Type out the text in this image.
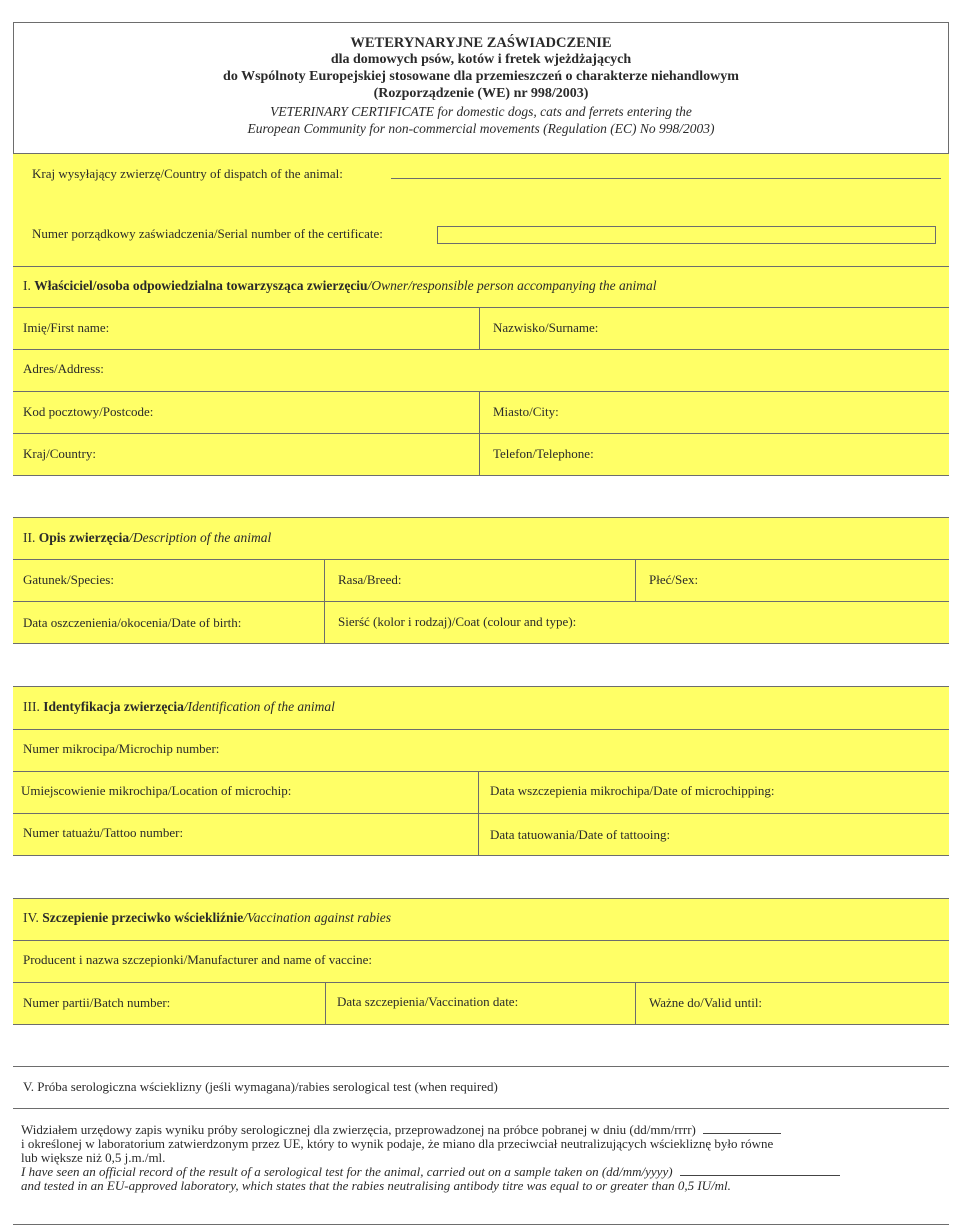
WETERYNARYJNE ZAŚWIADCZENIE
dla domowych psów, kotów i fretek wjeżdżających
do Wspólnoty Europejskiej stosowane dla przemieszczeń o charakterze niehandlowym
(Rozporządzenie (WE) nr 998/2003)
VETERINARY CERTIFICATE for domestic dogs, cats and ferrets entering the
European Community for non-commercial movements (Regulation (EC) No 998/2003)
Kraj wysyłający zwierzę/Country of dispatch of the animal:
Numer porządkowy zaświadczenia/Serial number of the certificate:
I. Właściciel/osoba odpowiedzialna towarzysząca zwierzęciu/Owner/responsible person accompanying the animal
Imię/First name:	Nazwisko/Surname:
Adres/Address:
Kod pocztowy/Postcode:	Miasto/City:
Kraj/Country:	Telefon/Telephone:
II. Opis zwierzęcia/Description of the animal
Gatunek/Species:	Rasa/Breed:	Płeć/Sex:
Data oszczenienia/okocenia/Date of birth:	Sierść (kolor i rodzaj)/Coat (colour and type):
III. Identyfikacja zwierzęcia/Identification of the animal
Numer mikrocipa/Microchip number:
Umiejscowienie mikrochipa/Location of microchip:	Data wszczepienia mikrochipa/Date of microchipping:
Numer tatuażu/Tattoo number:	Data tatuowania/Date of tattooing:
IV. Szczepienie przeciwko wściekliźnie/Vaccination against rabies
Producent i nazwa szczepionki/Manufacturer and name of vaccine:
Numer partii/Batch number:	Data szczepienia/Vaccination date:	Ważne do/Valid until:
V. Próba serologiczna wścieklizny (jeśli wymagana)/rabies serological test (when required)
Widziałem urzędowy zapis wyniku próby serologicznej dla zwierzęcia, przeprowadzonej na próbce pobranej w dniu (dd/mm/rrrr)
i określonej w laboratorium zatwierdzonym przez UE, który to wynik podaje, że miano dla przeciwciał neutralizujących wściekliznę było równe
lub większe niż 0,5 j.m./ml.
I have seen an official record of the result of a serological test for the animal, carried out on a sample taken on (dd/mm/yyyy)
and tested in an EU-approved laboratory, which states that the rabies neutralising antibody titre was equal to or greater than 0,5 IU/ml.
